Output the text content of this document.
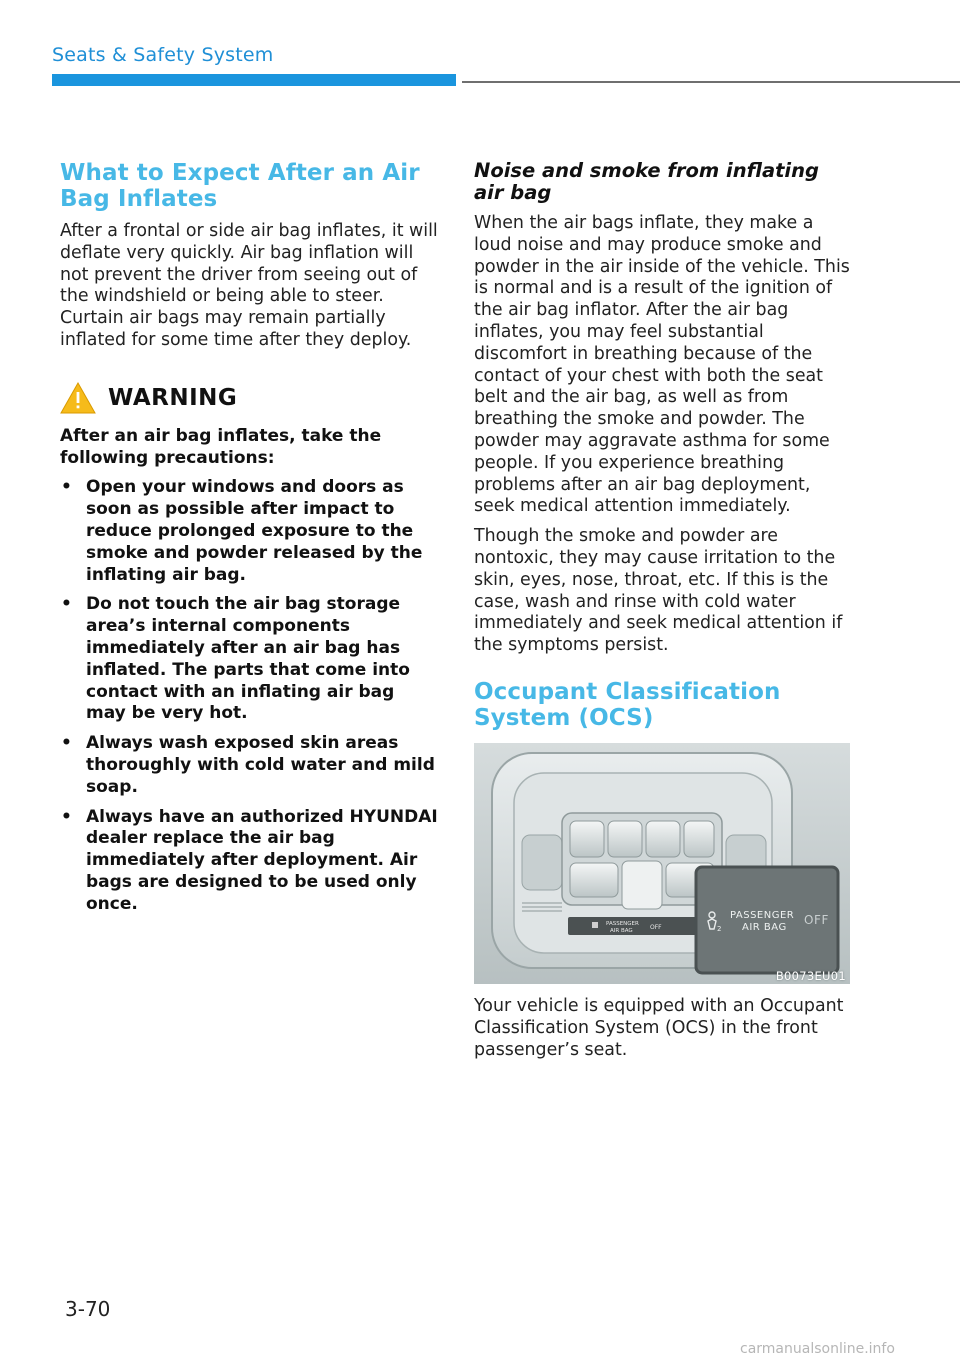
Seats & Safety System
What to Expect After an Air Bag Inflates

After a frontal or side air bag inflates, it will deflate very quickly. Air bag inflation will not prevent the driver from seeing out of the windshield or being able to steer. Curtain air bags may remain partially inflated for some time after they deploy.

WARNING
After an air bag inflates, take the following precautions:
• Open your windows and doors as soon as possible after impact to reduce prolonged exposure to the smoke and powder released by the inflating air bag.
• Do not touch the air bag storage area’s internal components immediately after an air bag has inflated. The parts that come into contact with an inflating air bag may be very hot.
• Always wash exposed skin areas thoroughly with cold water and mild soap.
• Always have an authorized HYUNDAI dealer replace the air bag immediately after deployment. Air bags are designed to be used only once.
Noise and smoke from inflating air bag

When the air bags inflate, they make a loud noise and may produce smoke and powder in the air inside of the vehicle. This is normal and is a result of the ignition of the air bag inflator. After the air bag inflates, you may feel substantial discomfort in breathing because of the contact of your chest with both the seat belt and the air bag, as well as from breathing the smoke and powder. The powder may aggravate asthma for some people. If you experience breathing problems after an air bag deployment, seek medical attention immediately.

Though the smoke and powder are nontoxic, they may cause irritation to the skin, eyes, nose, throat, etc. If this is the case, wash and rinse with cold water immediately and seek medical attention if the symptoms persist.

Occupant Classification System (OCS)
PASSENGER
AIR BAG	OFF	2
PASSENGER
AIR BAG
OFF
B0073EU01

Your vehicle is equipped with an Occupant Classification System (OCS) in the front passenger’s seat.

3-70
carmanualsonline.info
